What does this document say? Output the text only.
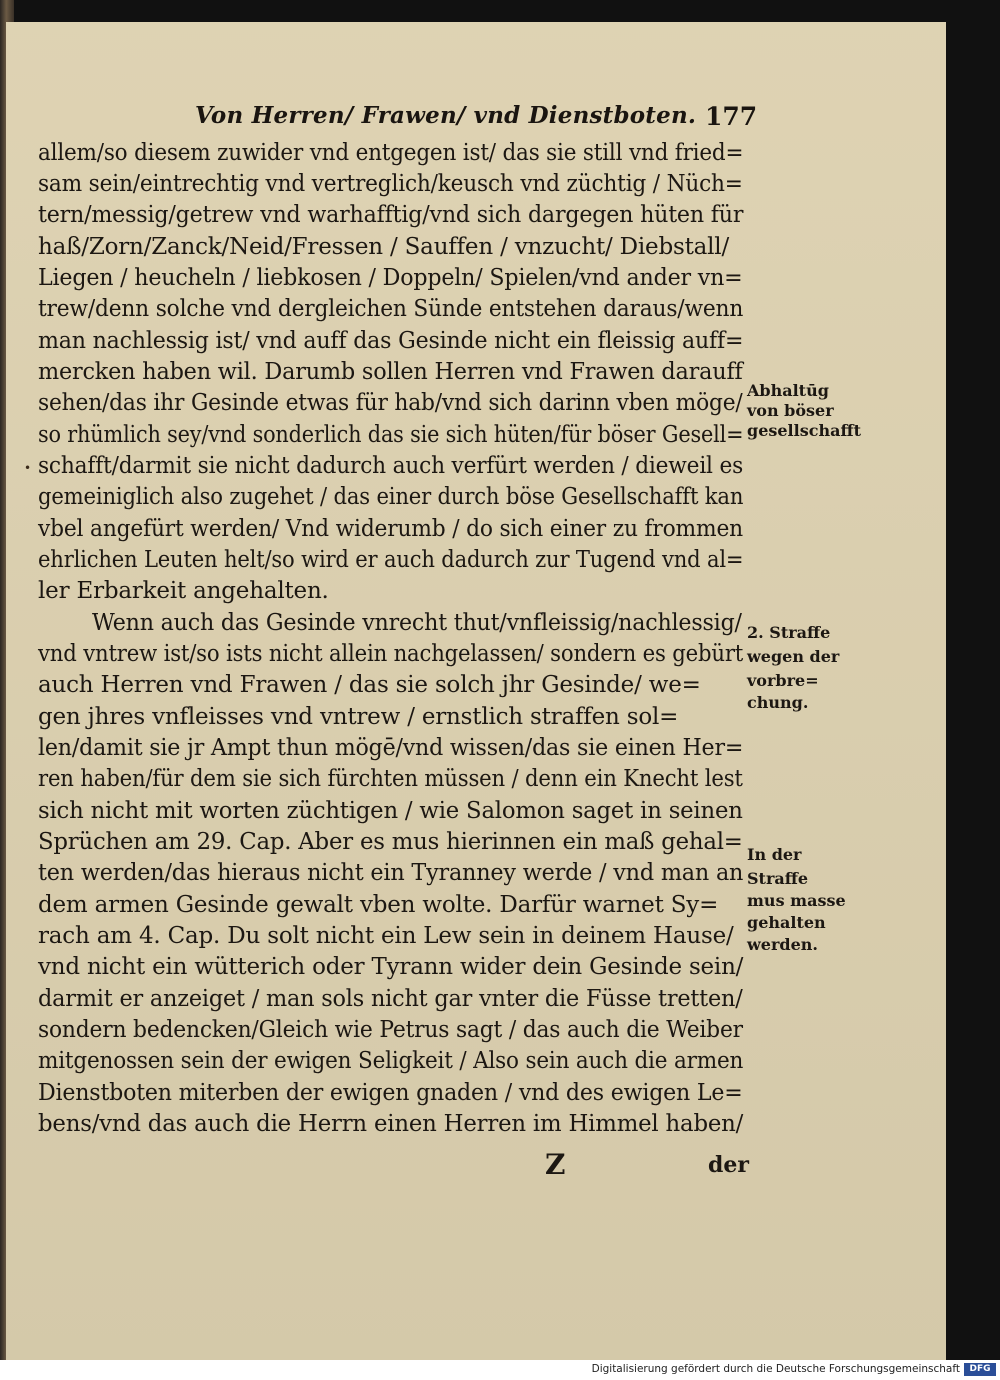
Von Herren/ Frawen/ vnd Dienstboten. 177
allem/so diesem zuwider vnd entgegen ist/ das sie still vnd fried=
sam sein/eintrechtig vnd vertreglich/keusch vnd züchtig / Nüch=
tern/messig/getrew vnd warhafftig/vnd sich dargegen hüten für
haß/Zorn/Zanck/Neid/Fressen / Sauffen / vnzucht/ Diebstall/
Liegen / heucheln / liebkosen / Doppeln/ Spielen/vnd ander vn=
trew/denn solche vnd dergleichen Sünde entstehen daraus/wenn
man nachlessig ist/ vnd auff das Gesinde nicht ein fleissig auff=
mercken haben wil. Darumb sollen Herren vnd Frawen darauff
sehen/das ihr Gesinde etwas für hab/vnd sich darinn vben möge/
so rhümlich sey/vnd sonderlich das sie sich hüten/für böser Gesell=
schafft/darmit sie nicht dadurch auch verfürt werden / dieweil es
gemeiniglich also zugehet / das einer durch böse Gesellschafft kan
vbel angefürt werden/ Vnd widerumb / do sich einer zu frommen
ehrlichen Leuten helt/so wird er auch dadurch zur Tugend vnd al=
ler Erbarkeit angehalten.
Wenn auch das Gesinde vnrecht thut/vnfleissig/nachlessig/
vnd vntrew ist/so ists nicht allein nachgelassen/ sondern es gebürt
auch Herren vnd Frawen / das sie solch jhr Gesinde/ we=
gen jhres vnfleisses vnd vntrew / ernstlich straffen sol=
len/damit sie jr Ampt thun mögē/vnd wissen/das sie einen Her=
ren haben/für dem sie sich fürchten müssen / denn ein Knecht lest
sich nicht mit worten züchtigen / wie Salomon saget in seinen
Sprüchen am 29. Cap. Aber es mus hierinnen ein maß gehal=
ten werden/das hieraus nicht ein Tyranney werde / vnd man an
dem armen Gesinde gewalt vben wolte. Darfür warnet Sy=
rach am 4. Cap. Du solt nicht ein Lew sein in deinem Hause/
vnd nicht ein wütterich oder Tyrann wider dein Gesinde sein/
darmit er anzeiget / man sols nicht gar vnter die Füsse tretten/
sondern bedencken/Gleich wie Petrus sagt / das auch die Weiber
mitgenossen sein der ewigen Seligkeit / Also sein auch die armen
Dienstboten miterben der ewigen gnaden / vnd des ewigen Le=
bens/vnd das auch die Herrn einen Herren im Himmel haben/
•
Abhaltūg
von böser
gesellschafft
2. Straffe
wegen der
vorbre=
chung.
In der
Straffe
mus masse
gehalten
werden.
Z	der
Digitalisierung gefördert durch die Deutsche Forschungsgemeinschaft	DFG
